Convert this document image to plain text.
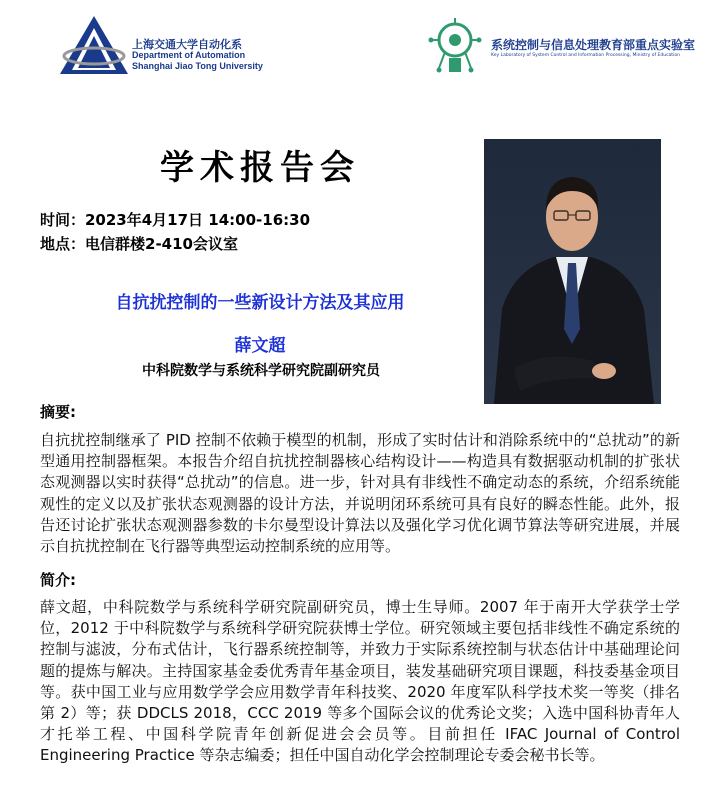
上海交通大学自动化系
Department of Automation
Shanghai Jiao Tong University
系统控制与信息处理教育部重点实验室
Key Laboratory of System Control and Information Processing, Ministry of Education
学术报告会
时间：2023年4月17日 14:00-16:30
地点：电信群楼2-410会议室
自抗扰控制的一些新设计方法及其应用
薛文超
中科院数学与系统科学研究院副研究员
摘要:
自抗扰控制继承了 PID 控制不依赖于模型的机制，形成了实时估计和消除系统中的“总扰动”的新型通用控制器框架。本报告介绍自抗扰控制器核心结构设计——构造具有数据驱动机制的扩张状态观测器以实时获得“总扰动”的信息。进一步，针对具有非线性不确定动态的系统，介绍系统能观性的定义以及扩张状态观测器的设计方法，并说明闭环系统可具有良好的瞬态性能。此外，报告还讨论扩张状态观测器参数的卡尔曼型设计算法以及强化学习优化调节算法等研究进展，并展示自抗扰控制在飞行器等典型运动控制系统的应用等。
简介:
薛文超，中科院数学与系统科学研究院副研究员，博士生导师。2007 年于南开大学获学士学位，2012 于中科院数学与系统科学研究院获博士学位。研究领域主要包括非线性不确定系统的控制与滤波，分布式估计，飞行器系统控制等，并致力于实际系统控制与状态估计中基础理论问题的提炼与解决。主持国家基金委优秀青年基金项目，装发基础研究项目课题，科技委基金项目等。获中国工业与应用数学学会应用数学青年科技奖、2020 年度军队科学技术奖一等奖（排名第 2）等；获 DDCLS 2018，CCC 2019 等多个国际会议的优秀论文奖；入选中国科协青年人才托举工程、中国科学院青年创新促进会会员等。目前担任 IFAC Journal of Control Engineering Practice 等杂志编委；担任中国自动化学会控制理论专委会秘书长等。
